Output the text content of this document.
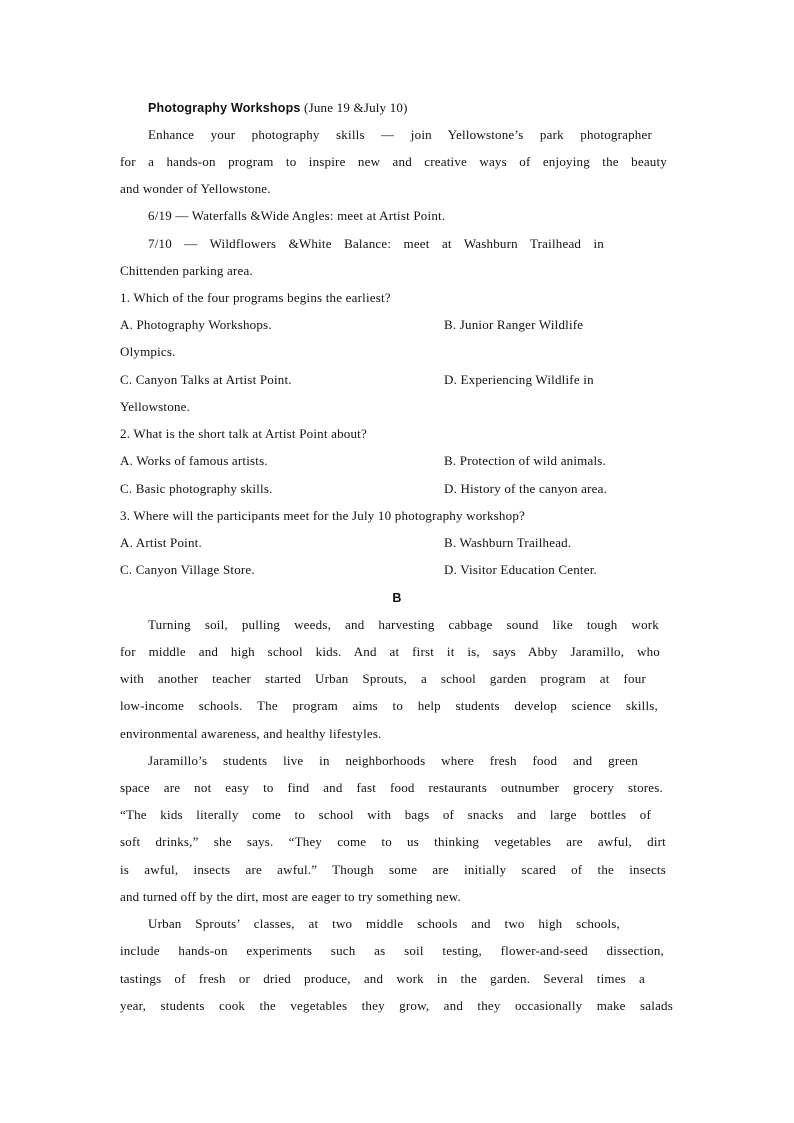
Photography Workshops (June 19 &July 10)
Enhance your photography skills — join Yellowstone’s park photographer
for a hands-on program to inspire new and creative ways of enjoying the beauty
and wonder of Yellowstone.
6/19 — Waterfalls &Wide Angles: meet at Artist Point.
7/10 — Wildflowers &White Balance: meet at Washburn Trailhead in
Chittenden parking area.
1. Which of the four programs begins the earliest?
A. Photography Workshops.	B. Junior Ranger Wildlife
Olympics.
C. Canyon Talks at Artist Point.	D. Experiencing Wildlife in
Yellowstone.
2. What is the short talk at Artist Point about?
A. Works of famous artists.	B. Protection of wild animals.
C. Basic photography skills.	D. History of the canyon area.
3. Where will the participants meet for the July 10 photography workshop?
A. Artist Point.	B. Washburn Trailhead.
C. Canyon Village Store.	D. Visitor Education Center.
B
Turning soil, pulling weeds, and harvesting cabbage sound like tough work
for middle and high school kids. And at first it is, says Abby Jaramillo, who
with another teacher started Urban Sprouts, a school garden program at four
low-income schools. The program aims to help students develop science skills,
environmental awareness, and healthy lifestyles.
Jaramillo’s students live in neighborhoods where fresh food and green
space are not easy to find and fast food restaurants outnumber grocery stores.
“The kids literally come to school with bags of snacks and large bottles of
soft drinks,” she says. “They come to us thinking vegetables are awful, dirt
is awful, insects are awful.” Though some are initially scared of the insects
and turned off by the dirt, most are eager to try something new.
Urban Sprouts’ classes, at two middle schools and two high schools,
include hands-on experiments such as soil testing, flower-and-seed dissection,
tastings of fresh or dried produce, and work in the garden. Several times a
year, students cook the vegetables they grow, and they occasionally make salads
